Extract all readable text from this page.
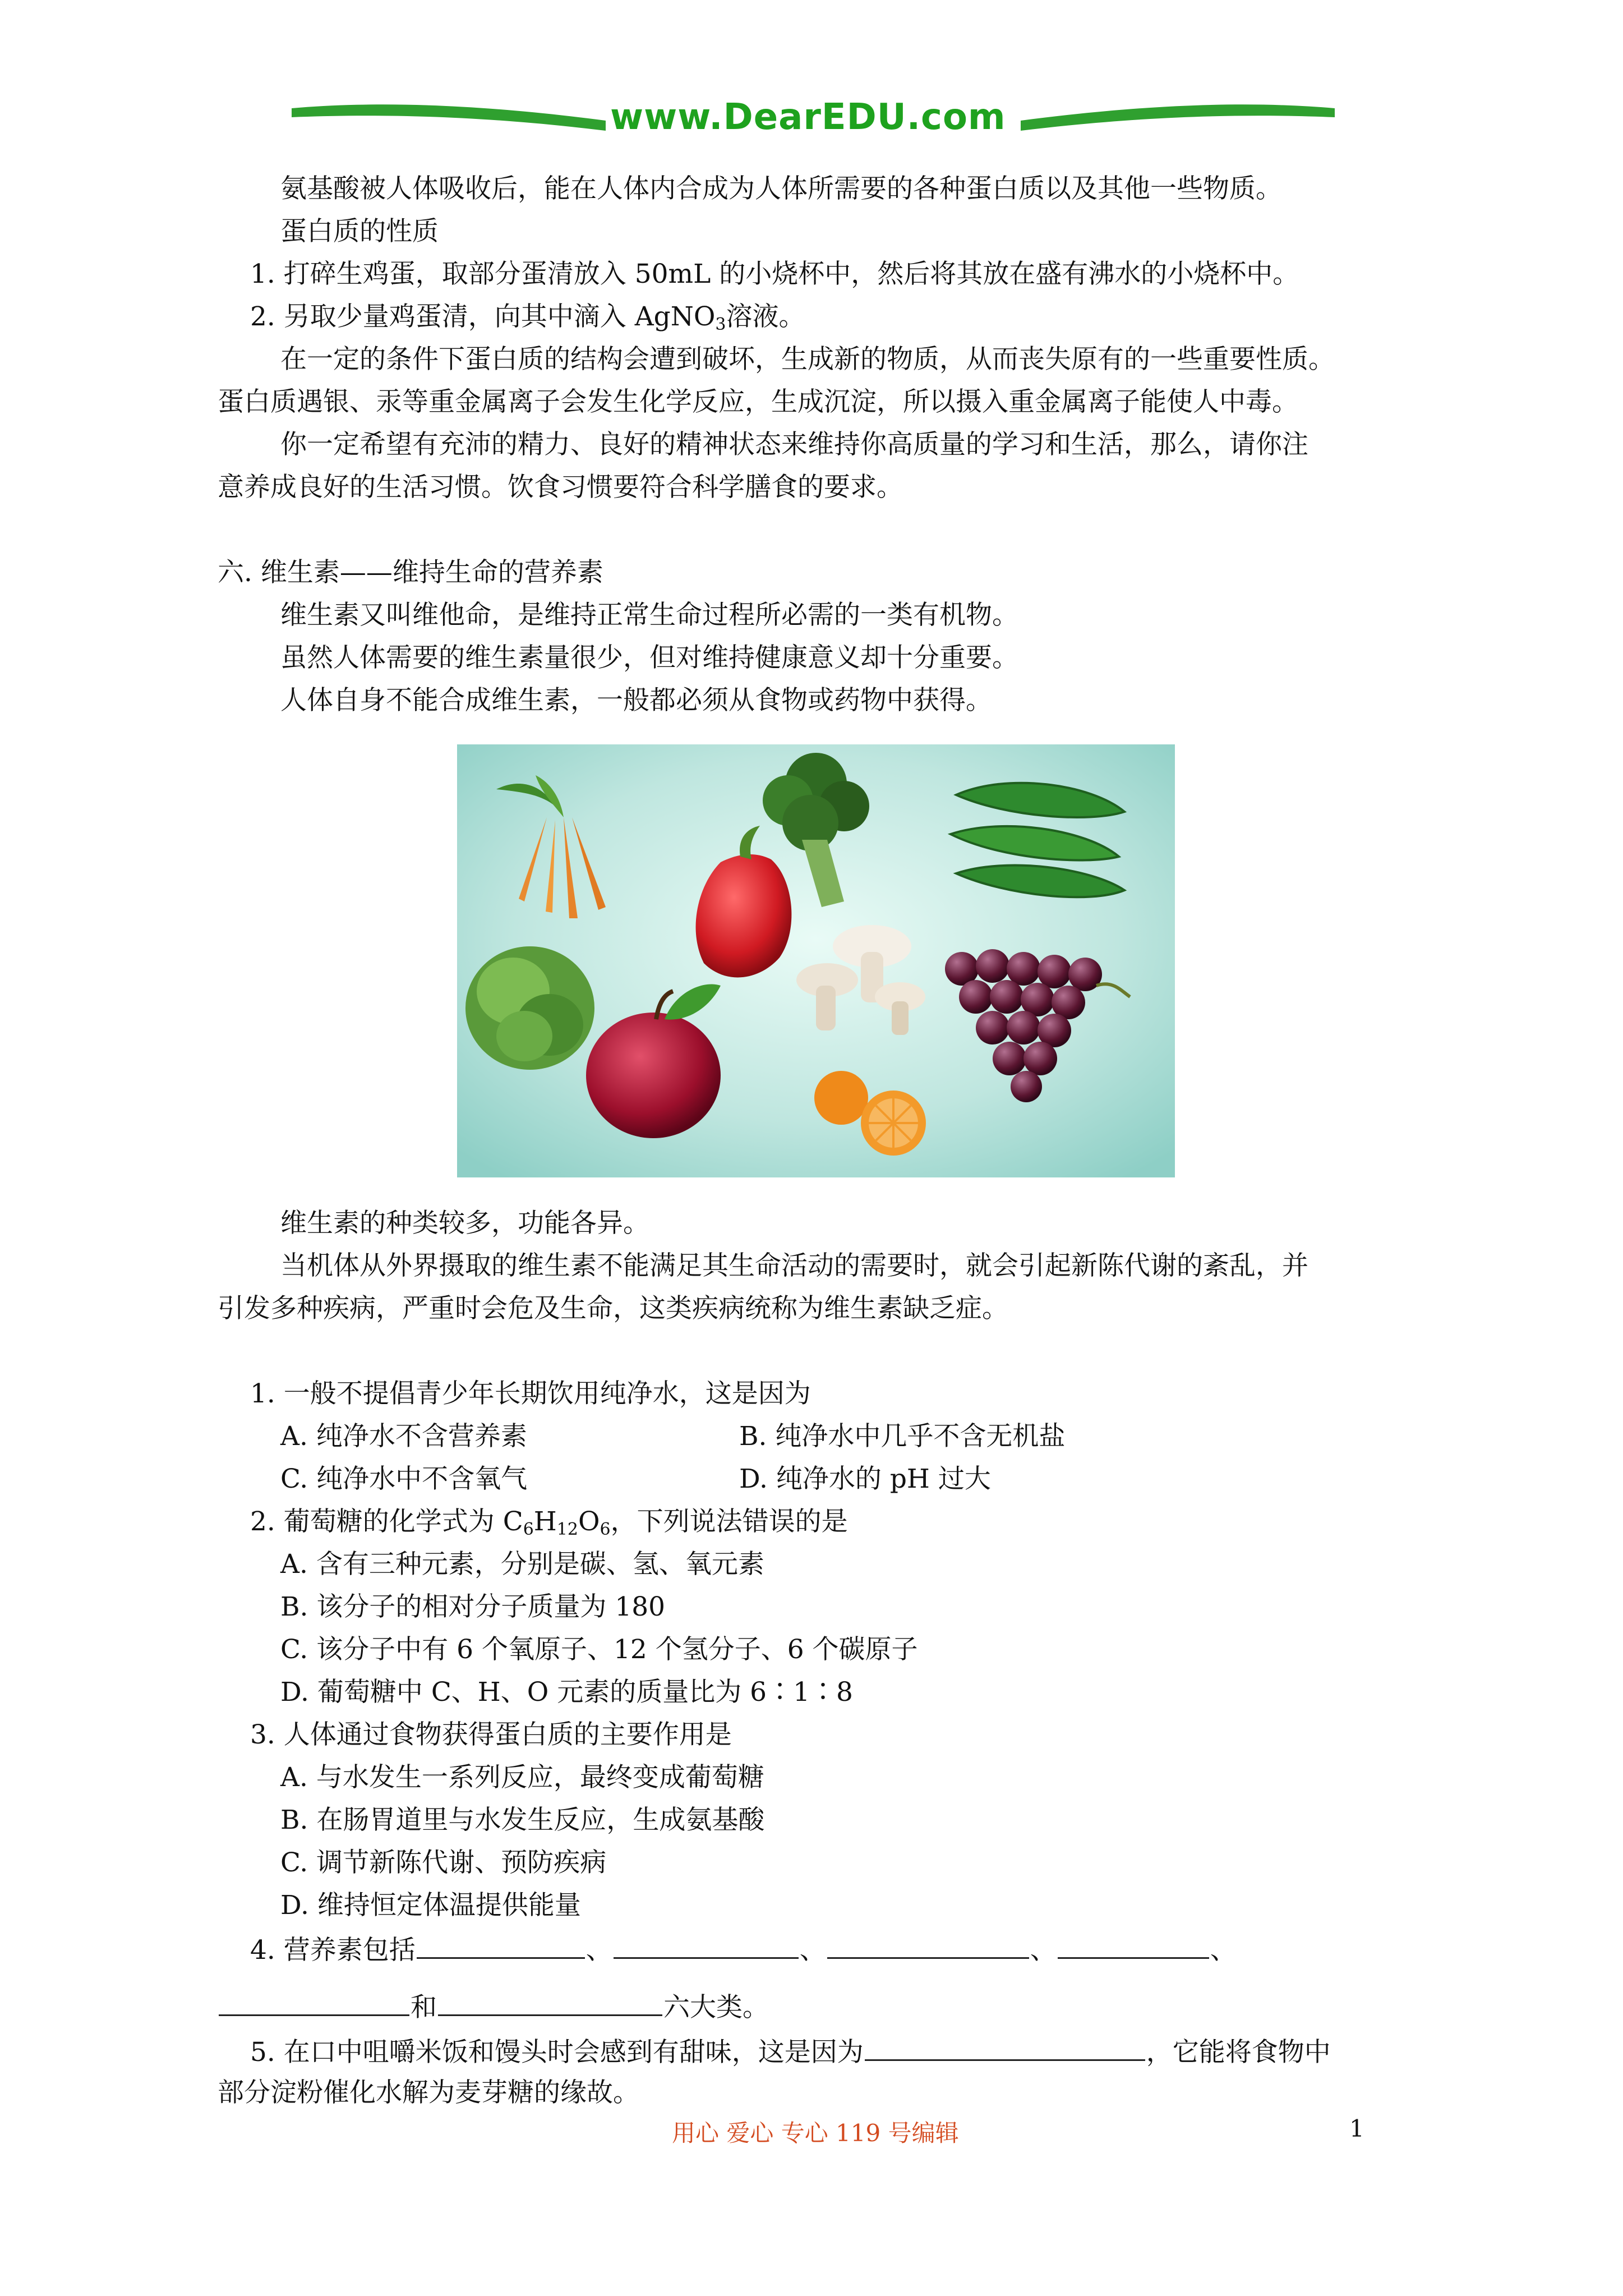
www.DearEDU.com
氨基酸被人体吸收后，能在人体内合成为人体所需要的各种蛋白质以及其他一些物质。
蛋白质的性质
1. 打碎生鸡蛋，取部分蛋清放入 50mL 的小烧杯中，然后将其放在盛有沸水的小烧杯中。
2. 另取少量鸡蛋清，向其中滴入 AgNO$_3$溶液。
在一定的条件下蛋白质的结构会遭到破坏，生成新的物质，从而丧失原有的一些重要性质。
蛋白质遇银、汞等重金属离子会发生化学反应，生成沉淀，所以摄入重金属离子能使人中毒。
你一定希望有充沛的精力、良好的精神状态来维持你高质量的学习和生活，那么，请你注
意养成良好的生活习惯。饮食习惯要符合科学膳食的要求。
六. 维生素——维持生命的营养素
维生素又叫维他命，是维持正常生命过程所必需的一类有机物。
虽然人体需要的维生素量很少，但对维持健康意义却十分重要。
人体自身不能合成维生素，一般都必须从食物或药物中获得。
维生素的种类较多，功能各异。
当机体从外界摄取的维生素不能满足其生命活动的需要时，就会引起新陈代谢的紊乱，并
引发多种疾病，严重时会危及生命，这类疾病统称为维生素缺乏症。
1. 一般不提倡青少年长期饮用纯净水，这是因为
A. 纯净水不含营养素	B. 纯净水中几乎不含无机盐
C. 纯净水中不含氧气	D. 纯净水的 pH 过大
2. 葡萄糖的化学式为 $C_6H_{12}O_6$，下列说法错误的是
A. 含有三种元素，分别是碳、氢、氧元素
B. 该分子的相对分子质量为 180
C. 该分子中有 6 个氧原子、12 个氢分子、6 个碳原子
D. 葡萄糖中 C、H、O 元素的质量比为 6∶1∶8
3. 人体通过食物获得蛋白质的主要作用是
A. 与水发生一系列反应，最终变成葡萄糖
B. 在肠胃道里与水发生反应，生成氨基酸
C. 调节新陈代谢、预防疾病
D. 维持恒定体温提供能量
4. 营养素包括	、	、	、	、
和	六大类。
5. 在口中咀嚼米饭和馒头时会感到有甜味，这是因为	，它能将食物中
部分淀粉催化水解为麦芽糖的缘故。
用心 爱心 专心 119 号编辑	1
